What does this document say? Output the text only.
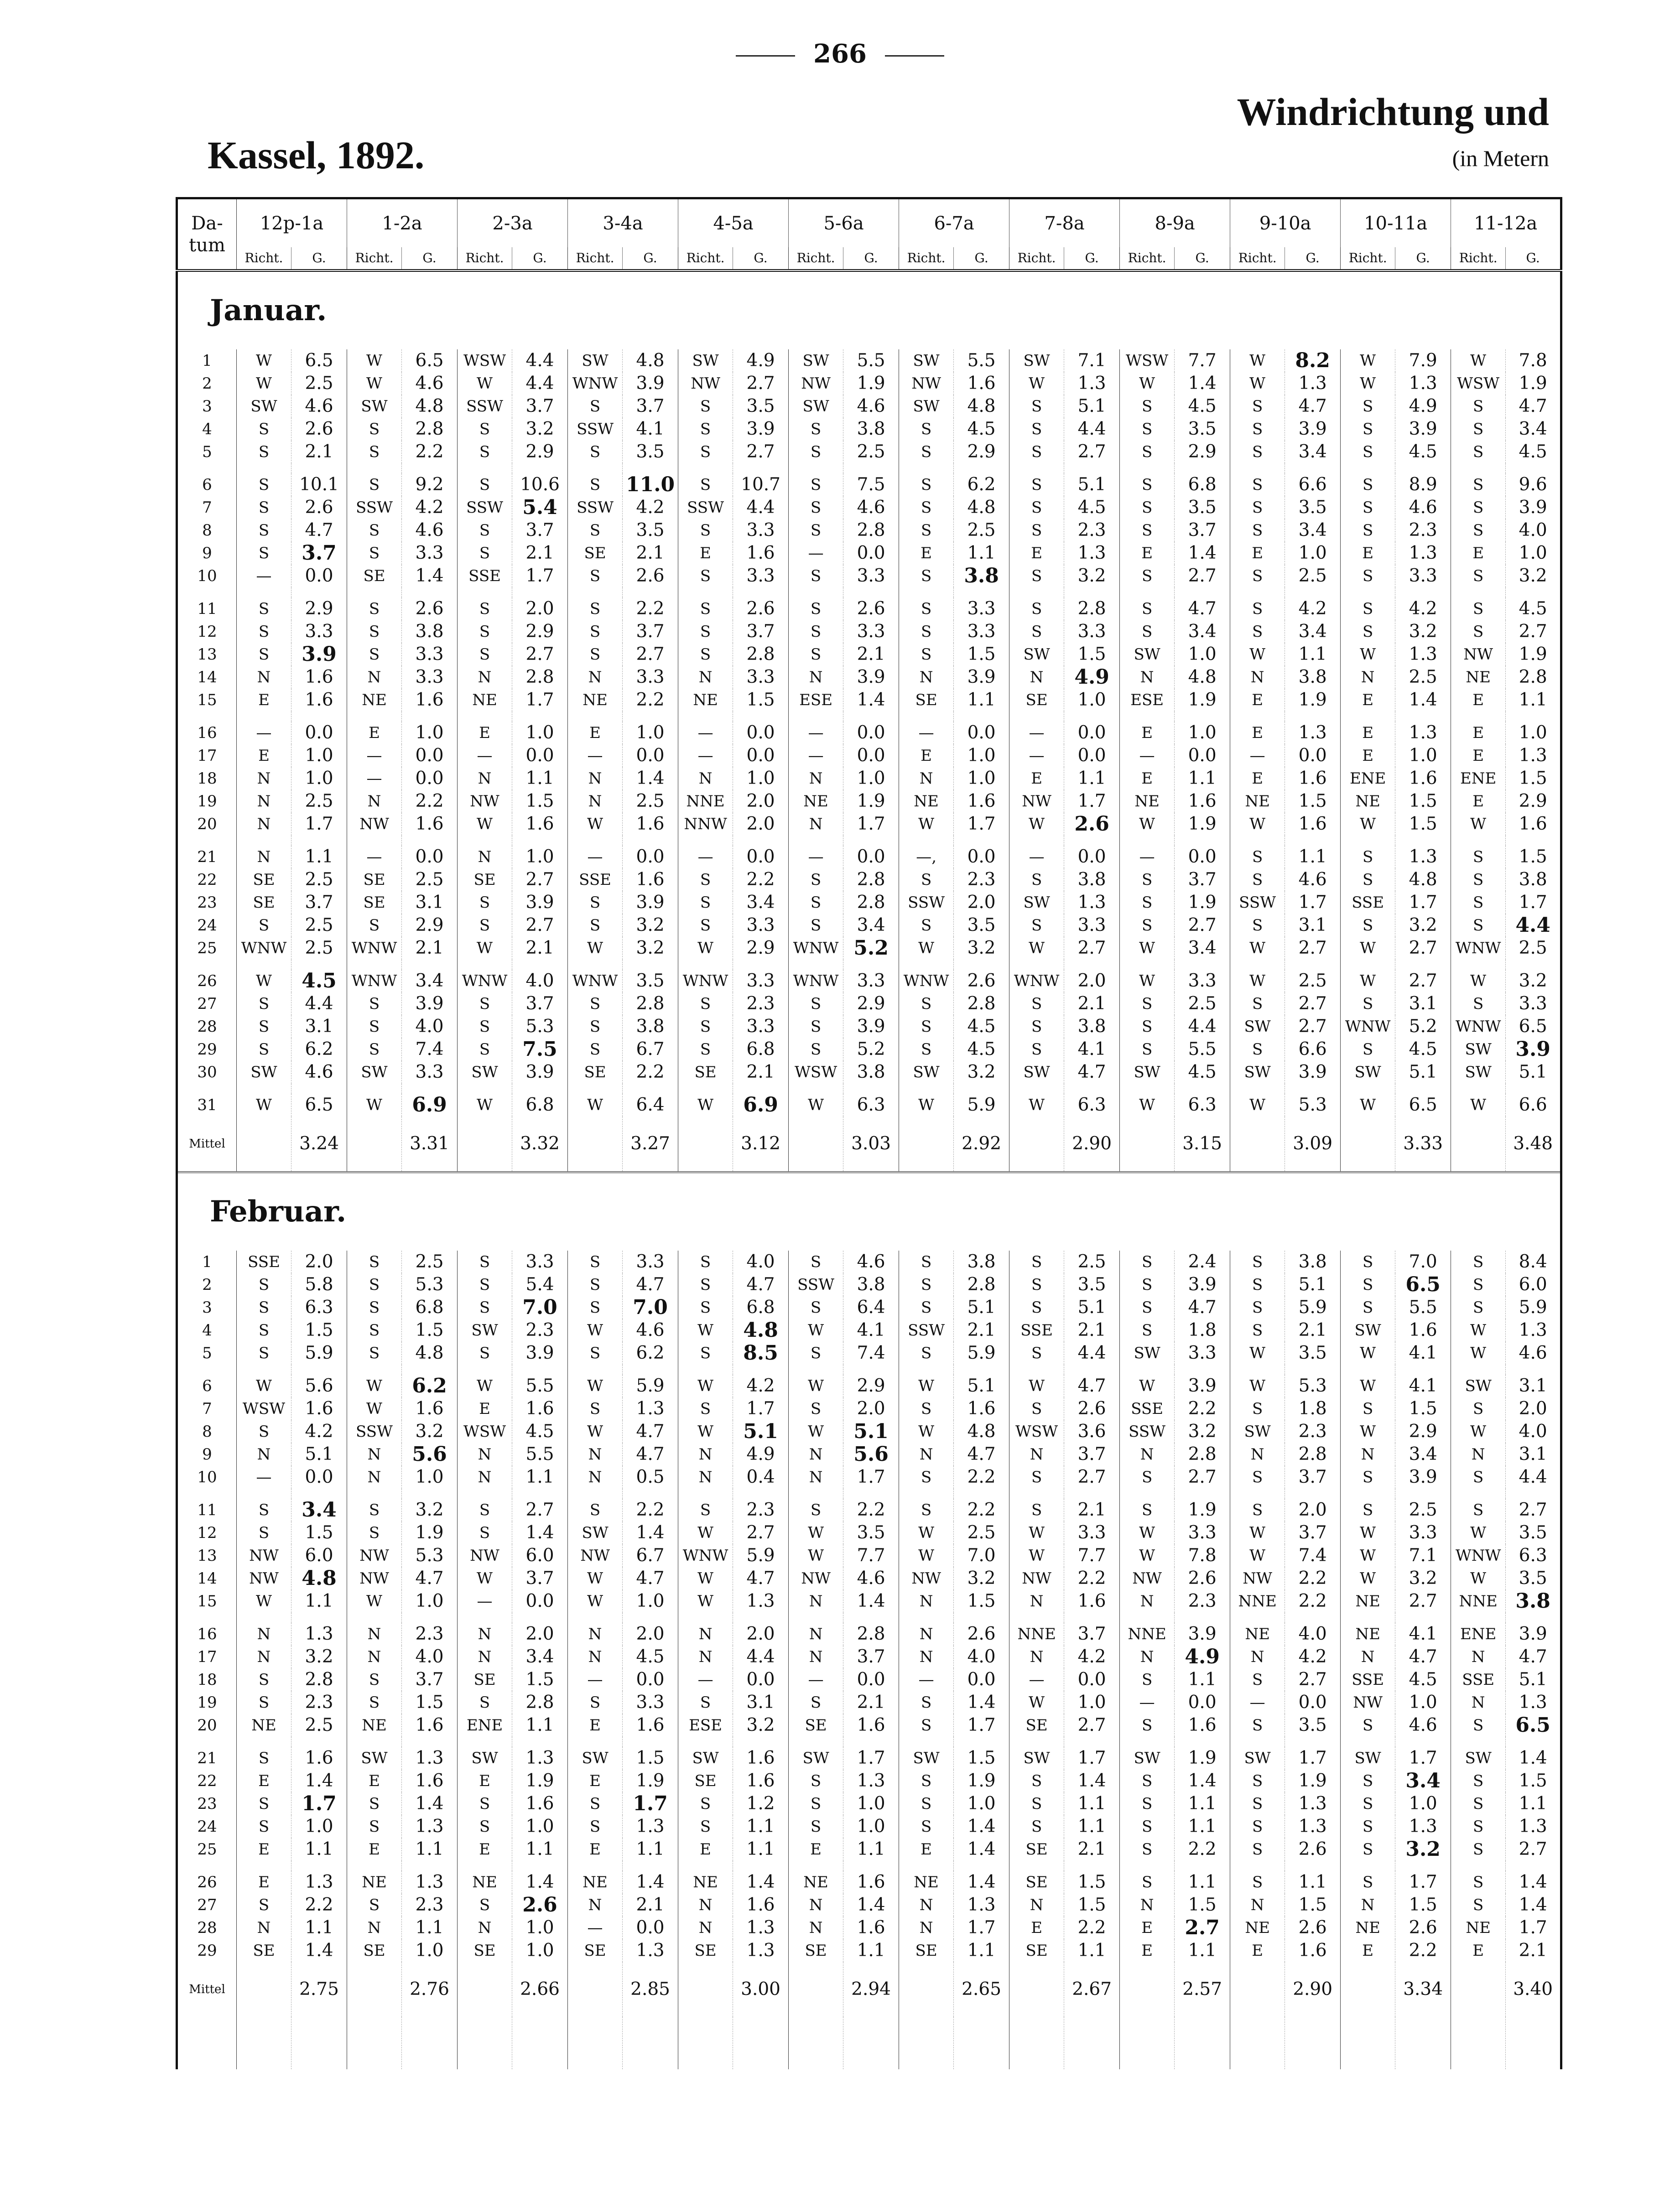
266
Windrichtung und
(in Metern
Kassel, 1892.
Da-
tum	12p-1a		1-2a		2-3a		3-4a		4-5a		5-6a		6-7a		7-8a		8-9a		9-10a		10-11a		11-12a	
	Richt.	G.	Richt.	G.	Richt.	G.	Richt.	G.	Richt.	G.	Richt.	G.	Richt.	G.	Richt.	G.	Richt.	G.	Richt.	G.	Richt.	G.	Richt.	G.
Januar.																								
1	W	6.5	W	6.5	WSW	4.4	SW	4.8	SW	4.9	SW	5.5	SW	5.5	SW	7.1	WSW	7.7	W	8.2	W	7.9	W	7.8
2	W	2.5	W	4.6	W	4.4	WNW	3.9	NW	2.7	NW	1.9	NW	1.6	W	1.3	W	1.4	W	1.3	W	1.3	WSW	1.9
3	SW	4.6	SW	4.8	SSW	3.7	S	3.7	S	3.5	SW	4.6	SW	4.8	S	5.1	S	4.5	S	4.7	S	4.9	S	4.7
4	S	2.6	S	2.8	S	3.2	SSW	4.1	S	3.9	S	3.8	S	4.5	S	4.4	S	3.5	S	3.9	S	3.9	S	3.4
5	S	2.1	S	2.2	S	2.9	S	3.5	S	2.7	S	2.5	S	2.9	S	2.7	S	2.9	S	3.4	S	4.5	S	4.5

6	S	10.1	S	9.2	S	10.6	S	11.0	S	10.7	S	7.5	S	6.2	S	5.1	S	6.8	S	6.6	S	8.9	S	9.6
7	S	2.6	SSW	4.2	SSW	5.4	SSW	4.2	SSW	4.4	S	4.6	S	4.8	S	4.5	S	3.5	S	3.5	S	4.6	S	3.9
8	S	4.7	S	4.6	S	3.7	S	3.5	S	3.3	S	2.8	S	2.5	S	2.3	S	3.7	S	3.4	S	2.3	S	4.0
9	S	3.7	S	3.3	S	2.1	SE	2.1	E	1.6	—	0.0	E	1.1	E	1.3	E	1.4	E	1.0	E	1.3	E	1.0
10	—	0.0	SE	1.4	SSE	1.7	S	2.6	S	3.3	S	3.3	S	3.8	S	3.2	S	2.7	S	2.5	S	3.3	S	3.2

11	S	2.9	S	2.6	S	2.0	S	2.2	S	2.6	S	2.6	S	3.3	S	2.8	S	4.7	S	4.2	S	4.2	S	4.5
12	S	3.3	S	3.8	S	2.9	S	3.7	S	3.7	S	3.3	S	3.3	S	3.3	S	3.4	S	3.4	S	3.2	S	2.7
13	S	3.9	S	3.3	S	2.7	S	2.7	S	2.8	S	2.1	S	1.5	SW	1.5	SW	1.0	W	1.1	W	1.3	NW	1.9
14	N	1.6	N	3.3	N	2.8	N	3.3	N	3.3	N	3.9	N	3.9	N	4.9	N	4.8	N	3.8	N	2.5	NE	2.8
15	E	1.6	NE	1.6	NE	1.7	NE	2.2	NE	1.5	ESE	1.4	SE	1.1	SE	1.0	ESE	1.9	E	1.9	E	1.4	E	1.1

16	—	0.0	E	1.0	E	1.0	E	1.0	—	0.0	—	0.0	—	0.0	—	0.0	E	1.0	E	1.3	E	1.3	E	1.0
17	E	1.0	—	0.0	—	0.0	—	0.0	—	0.0	—	0.0	E	1.0	—	0.0	—	0.0	—	0.0	E	1.0	E	1.3
18	N	1.0	—	0.0	N	1.1	N	1.4	N	1.0	N	1.0	N	1.0	E	1.1	E	1.1	E	1.6	ENE	1.6	ENE	1.5
19	N	2.5	N	2.2	NW	1.5	N	2.5	NNE	2.0	NE	1.9	NE	1.6	NW	1.7	NE	1.6	NE	1.5	NE	1.5	E	2.9
20	N	1.7	NW	1.6	W	1.6	W	1.6	NNW	2.0	N	1.7	W	1.7	W	2.6	W	1.9	W	1.6	W	1.5	W	1.6

21	N	1.1	—	0.0	N	1.0	—	0.0	—	0.0	—	0.0	—,	0.0	—	0.0	—	0.0	S	1.1	S	1.3	S	1.5
22	SE	2.5	SE	2.5	SE	2.7	SSE	1.6	S	2.2	S	2.8	S	2.3	S	3.8	S	3.7	S	4.6	S	4.8	S	3.8
23	SE	3.7	SE	3.1	S	3.9	S	3.9	S	3.4	S	2.8	SSW	2.0	SW	1.3	S	1.9	SSW	1.7	SSE	1.7	S	1.7
24	S	2.5	S	2.9	S	2.7	S	3.2	S	3.3	S	3.4	S	3.5	S	3.3	S	2.7	S	3.1	S	3.2	S	4.4
25	WNW	2.5	WNW	2.1	W	2.1	W	3.2	W	2.9	WNW	5.2	W	3.2	W	2.7	W	3.4	W	2.7	W	2.7	WNW	2.5

26	W	4.5	WNW	3.4	WNW	4.0	WNW	3.5	WNW	3.3	WNW	3.3	WNW	2.6	WNW	2.0	W	3.3	W	2.5	W	2.7	W	3.2
27	S	4.4	S	3.9	S	3.7	S	2.8	S	2.3	S	2.9	S	2.8	S	2.1	S	2.5	S	2.7	S	3.1	S	3.3
28	S	3.1	S	4.0	S	5.3	S	3.8	S	3.3	S	3.9	S	4.5	S	3.8	S	4.4	SW	2.7	WNW	5.2	WNW	6.5
29	S	6.2	S	7.4	S	7.5	S	6.7	S	6.8	S	5.2	S	4.5	S	4.1	S	5.5	S	6.6	S	4.5	SW	3.9
30	SW	4.6	SW	3.3	SW	3.9	SE	2.2	SE	2.1	WSW	3.8	SW	3.2	SW	4.7	SW	4.5	SW	3.9	SW	5.1	SW	5.1

31	W	6.5	W	6.9	W	6.8	W	6.4	W	6.9	W	6.3	W	5.9	W	6.3	W	6.3	W	5.3	W	6.5	W	6.6
Mittel		3.24		3.31		3.32		3.27		3.12		3.03		2.92		2.90		3.15		3.09		3.33		3.48
Februar.																								
1	SSE	2.0	S	2.5	S	3.3	S	3.3	S	4.0	S	4.6	S	3.8	S	2.5	S	2.4	S	3.8	S	7.0	S	8.4
2	S	5.8	S	5.3	S	5.4	S	4.7	S	4.7	SSW	3.8	S	2.8	S	3.5	S	3.9	S	5.1	S	6.5	S	6.0
3	S	6.3	S	6.8	S	7.0	S	7.0	S	6.8	S	6.4	S	5.1	S	5.1	S	4.7	S	5.9	S	5.5	S	5.9
4	S	1.5	S	1.5	SW	2.3	W	4.6	W	4.8	W	4.1	SSW	2.1	SSE	2.1	S	1.8	S	2.1	SW	1.6	W	1.3
5	S	5.9	S	4.8	S	3.9	S	6.2	S	8.5	S	7.4	S	5.9	S	4.4	SW	3.3	W	3.5	W	4.1	W	4.6

6	W	5.6	W	6.2	W	5.5	W	5.9	W	4.2	W	2.9	W	5.1	W	4.7	W	3.9	W	5.3	W	4.1	SW	3.1
7	WSW	1.6	W	1.6	E	1.6	S	1.3	S	1.7	S	2.0	S	1.6	S	2.6	SSE	2.2	S	1.8	S	1.5	S	2.0
8	S	4.2	SSW	3.2	WSW	4.5	W	4.7	W	5.1	W	5.1	W	4.8	WSW	3.6	SSW	3.2	SW	2.3	W	2.9	W	4.0
9	N	5.1	N	5.6	N	5.5	N	4.7	N	4.9	N	5.6	N	4.7	N	3.7	N	2.8	N	2.8	N	3.4	N	3.1
10	—	0.0	N	1.0	N	1.1	N	0.5	N	0.4	N	1.7	S	2.2	S	2.7	S	2.7	S	3.7	S	3.9	S	4.4

11	S	3.4	S	3.2	S	2.7	S	2.2	S	2.3	S	2.2	S	2.2	S	2.1	S	1.9	S	2.0	S	2.5	S	2.7
12	S	1.5	S	1.9	S	1.4	SW	1.4	W	2.7	W	3.5	W	2.5	W	3.3	W	3.3	W	3.7	W	3.3	W	3.5
13	NW	6.0	NW	5.3	NW	6.0	NW	6.7	WNW	5.9	W	7.7	W	7.0	W	7.7	W	7.8	W	7.4	W	7.1	WNW	6.3
14	NW	4.8	NW	4.7	W	3.7	W	4.7	W	4.7	NW	4.6	NW	3.2	NW	2.2	NW	2.6	NW	2.2	W	3.2	W	3.5
15	W	1.1	W	1.0	—	0.0	W	1.0	W	1.3	N	1.4	N	1.5	N	1.6	N	2.3	NNE	2.2	NE	2.7	NNE	3.8

16	N	1.3	N	2.3	N	2.0	N	2.0	N	2.0	N	2.8	N	2.6	NNE	3.7	NNE	3.9	NE	4.0	NE	4.1	ENE	3.9
17	N	3.2	N	4.0	N	3.4	N	4.5	N	4.4	N	3.7	N	4.0	N	4.2	N	4.9	N	4.2	N	4.7	N	4.7
18	S	2.8	S	3.7	SE	1.5	—	0.0	—	0.0	—	0.0	—	0.0	—	0.0	S	1.1	S	2.7	SSE	4.5	SSE	5.1
19	S	2.3	S	1.5	S	2.8	S	3.3	S	3.1	S	2.1	S	1.4	W	1.0	—	0.0	—	0.0	NW	1.0	N	1.3
20	NE	2.5	NE	1.6	ENE	1.1	E	1.6	ESE	3.2	SE	1.6	S	1.7	SE	2.7	S	1.6	S	3.5	S	4.6	S	6.5

21	S	1.6	SW	1.3	SW	1.3	SW	1.5	SW	1.6	SW	1.7	SW	1.5	SW	1.7	SW	1.9	SW	1.7	SW	1.7	SW	1.4
22	E	1.4	E	1.6	E	1.9	E	1.9	SE	1.6	S	1.3	S	1.9	S	1.4	S	1.4	S	1.9	S	3.4	S	1.5
23	S	1.7	S	1.4	S	1.6	S	1.7	S	1.2	S	1.0	S	1.0	S	1.1	S	1.1	S	1.3	S	1.0	S	1.1
24	S	1.0	S	1.3	S	1.0	S	1.3	S	1.1	S	1.0	S	1.4	S	1.1	S	1.1	S	1.3	S	1.3	S	1.3
25	E	1.1	E	1.1	E	1.1	E	1.1	E	1.1	E	1.1	E	1.4	SE	2.1	S	2.2	S	2.6	S	3.2	S	2.7

26	E	1.3	NE	1.3	NE	1.4	NE	1.4	NE	1.4	NE	1.6	NE	1.4	SE	1.5	S	1.1	S	1.1	S	1.7	S	1.4
27	S	2.2	S	2.3	S	2.6	N	2.1	N	1.6	N	1.4	N	1.3	N	1.5	N	1.5	N	1.5	N	1.5	S	1.4
28	N	1.1	N	1.1	N	1.0	—	0.0	N	1.3	N	1.6	N	1.7	E	2.2	E	2.7	NE	2.6	NE	2.6	NE	1.7
29	SE	1.4	SE	1.0	SE	1.0	SE	1.3	SE	1.3	SE	1.1	SE	1.1	SE	1.1	E	1.1	E	1.6	E	2.2	E	2.1
Mittel		2.75		2.76		2.66		2.85		3.00		2.94		2.65		2.67		2.57		2.90		3.34		3.40
